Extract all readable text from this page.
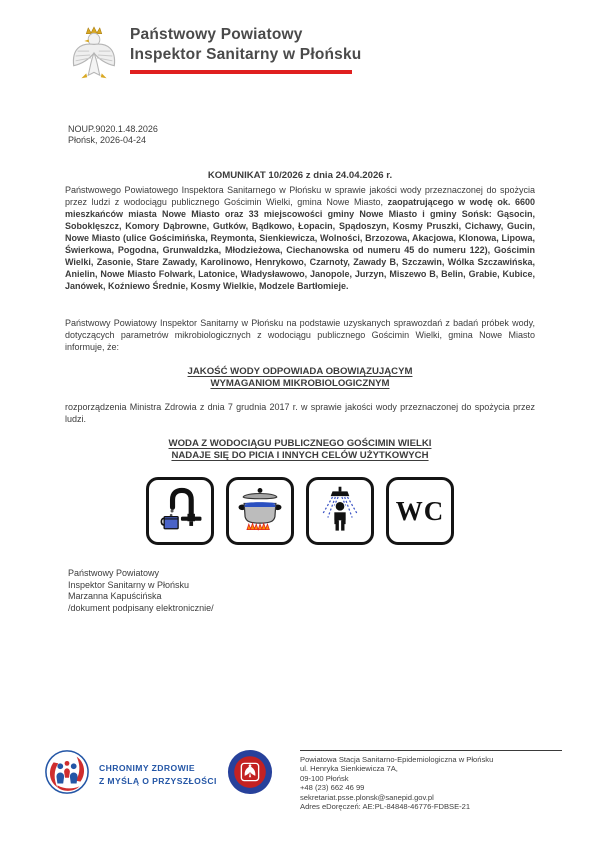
Państwowy Powiatowy
Inspektor Sanitarny w Płońsku
NOUP.9020.1.48.2026
Płońsk, 2026-04-24
KOMUNIKAT 10/2026 z dnia 24.04.2026 r.

Państwowego Powiatowego Inspektora Sanitarnego w Płońsku w sprawie jakości wody przeznaczonej do spożycia przez ludzi z wodociągu publicznego Gościmin Wielki, gmina Nowe Miasto, zaopatrującego w wodę ok. 6600 mieszkańców miasta Nowe Miasto oraz 33 miejscowości gminy Nowe Miasto i gminy Sońsk: Gąsocin, Soboklęszcz, Komory Dąbrowne, Gutków, Bądkowo, Łopacin, Spądoszyn, Kosmy Pruszki, Cichawy, Gucin, Nowe Miasto (ulice Gościmińska, Reymonta, Sienkiewicza, Wolności, Brzozowa, Akacjowa, Klonowa, Lipowa, Świerkowa, Pogodna, Grunwaldzka, Młodzieżowa, Ciechanowska od numeru 45 do numeru 122), Gościmin Wielki, Zasonie, Stare Zawady, Karolinowo, Henrykowo, Czarnoty, Zawady B, Szczawin, Wólka Szczawińska, Anielin, Nowe Miasto Folwark, Latonice, Władysławowo, Janopole, Jurzyn, Miszewo B, Belin, Grabie, Kubice, Janówek, Koźniewo Średnie, Kosmy Wielkie, Modzele Bartłomieje.

Państwowy Powiatowy Inspektor Sanitarny w Płońsku na podstawie uzyskanych sprawozdań z badań próbek wody, dotyczących parametrów mikrobiologicznych z wodociągu publicznego Gościmin Wielki, gmina Nowe Miasto informuje, że:

JAKOŚĆ WODY ODPOWIADA OBOWIĄZUJĄCYM
WYMAGANIOM MIKROBIOLOGICZNYM

rozporządzenia Ministra Zdrowia z dnia 7 grudnia 2017 r. w sprawie jakości wody przeznaczonej do spożycia przez ludzi.

WODA Z WODOCIĄGU PUBLICZNEGO GOŚCIMIN WIELKI
NADAJE SIĘ DO PICIA I INNYCH CELÓW UŻYTKOWYCH
WC
Państwowy Powiatowy
Inspektor Sanitarny w Płońsku
Marzanna Kapuścińska
/dokument podpisany elektronicznie/
CHRONIMY ZDROWIE
Z MYŚLĄ O PRZYSZŁOŚCI
Powiatowa Stacja Sanitarno-Epidemiologiczna w Płońsku
ul. Henryka Sienkiewicza 7A,
09-100 Płońsk
+48 (23) 662 46 99
sekretariat.psse.plonsk@sanepid.gov.pl
Adres eDoręczeń: AE:PL-84848-46776-FDBSE-21
